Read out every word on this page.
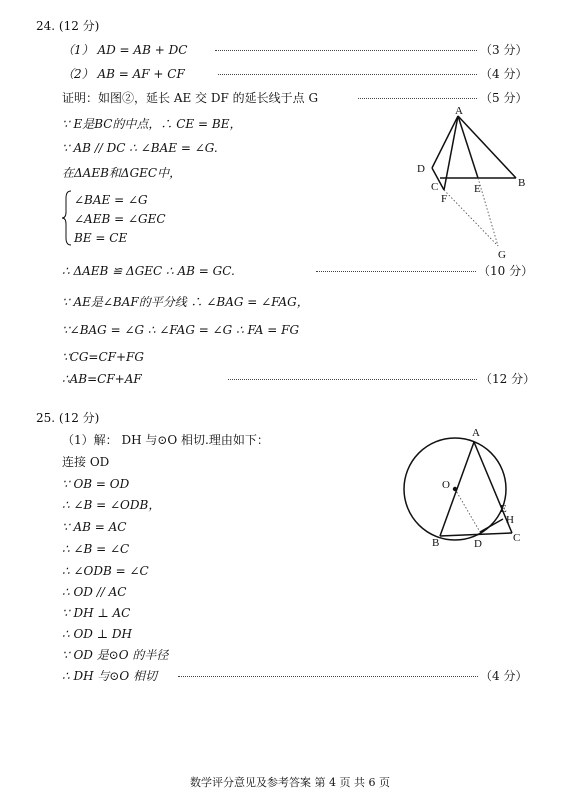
24. (12 分)
（1） AD = AB + DC	（3 分）
（2） AB = AF + CF	（4 分）
证明：如图②，延长 AE 交 DF 的延长线于点 G	（5 分）
∵ E是BC的中点，∴ CE = BE，
∵ AB // DC ∴ ∠BAE = ∠G.
在ΔAEB和ΔGEC中，
∠BAE = ∠G
∠AEB = ∠GEC
BE = CE
∴ ΔAEB ≌ ΔGEC ∴ AB = GC.	（10 分）
∵ AE是∠BAF的平分线 ∴ ∠BAG = ∠FAG，
∵∠BAG = ∠G ∴ ∠FAG = ∠G ∴ FA = FG
∵CG=CF+FG
∴AB=CF+AF	（12 分）
A
D
C	E	B
F
G
25. (12 分)
（1）解： DH 与⊙O 相切.理由如下：
连接 OD
∵ OB = OD
∴ ∠B = ∠ODB，
∵ AB = AC
∴ ∠B = ∠C
∴ ∠ODB = ∠C
∴ OD // AC
∵ DH ⊥ AC
∴ OD ⊥ DH
∵ OD 是⊙O 的半径
∴ DH 与⊙O 相切	（4 分）
A
O
E
H
B	D	C
数学评分意见及参考答案 第 4 页 共 6 页
